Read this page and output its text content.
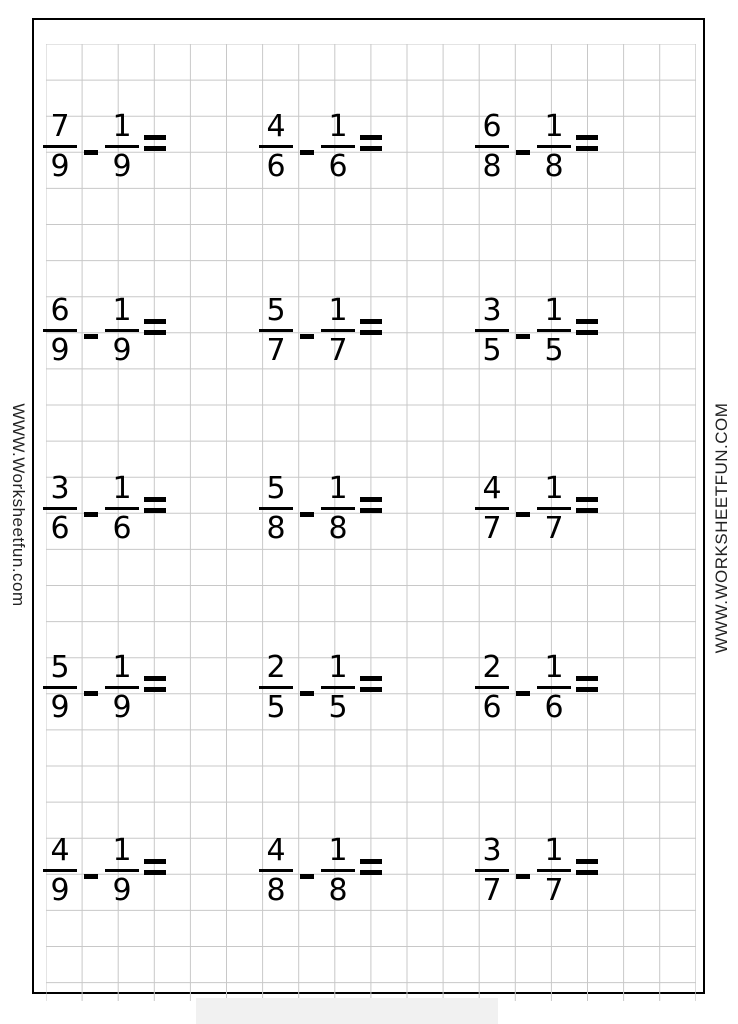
WWW.Worksheetfun.com	WWW.WORKSHEETFUN.COM
$\frac{7}{9} \frac{1}{9}$	$\frac{4}{6} \frac{1}{6}$	$\frac{6}{8} \frac{1}{8}$
$\frac{6}{9} \frac{1}{9}$	$\frac{5}{7} \frac{1}{7}$	$\frac{3}{5} \frac{1}{5}$
$\frac{3}{6} \frac{1}{6}$	$\frac{5}{8} \frac{1}{8}$	$\frac{4}{7} \frac{1}{7}$
$\frac{5}{9} \frac{1}{9}$	$\frac{2}{5} \frac{1}{5}$	$\frac{2}{6} \frac{1}{6}$
$\frac{4}{9} \frac{1}{9}$	$\frac{4}{8} \frac{1}{8}$	$\frac{3}{7} \frac{1}{7}$
